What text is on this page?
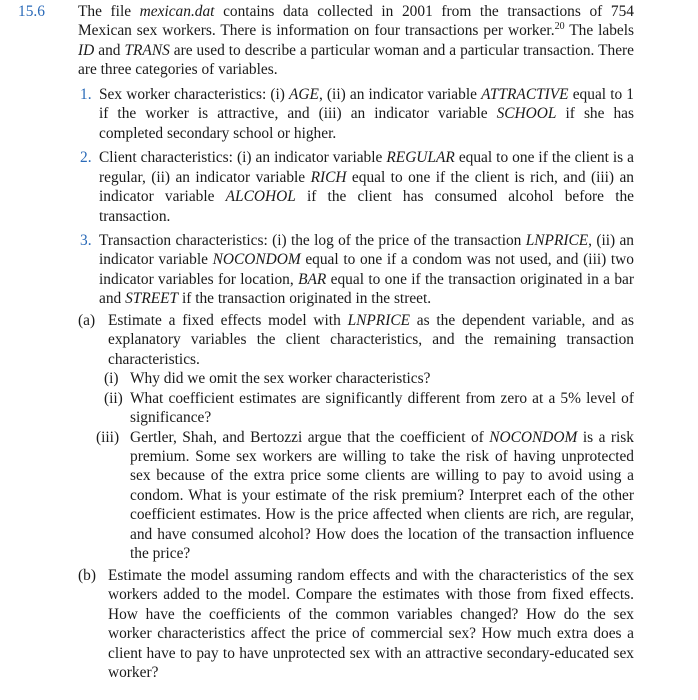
15.6 The file mexican.dat contains data collected in 2001 from the transactions of 754 Mexican sex workers. There is information on four transactions per worker.$^{20}$ The labels ID and TRANS are used to describe a particular woman and a particular transaction. There are three categories of variables.
1. Sex worker characteristics: (i) AGE, (ii) an indicator variable ATTRACTIVE equal to 1 if the worker is attractive, and (iii) an indicator variable SCHOOL if she has completed secondary school or higher.
2. Client characteristics: (i) an indicator variable REGULAR equal to one if the client is a regular, (ii) an indicator variable RICH equal to one if the client is rich, and (iii) an indicator variable ALCOHOL if the client has consumed alcohol before the transaction.
3. Transaction characteristics: (i) the log of the price of the transaction LNPRICE, (ii) an indicator variable NOCONDOM equal to one if a condom was not used, and (iii) two indicator variables for location, BAR equal to one if the transaction originated in a bar and STREET if the transaction originated in the street.
(a) Estimate a fixed effects model with LNPRICE as the dependent variable, and as explanatory variables the client characteristics, and the remaining transaction characteristics.
(i) Why did we omit the sex worker characteristics?
(ii) What coefficient estimates are significantly different from zero at a 5% level of significance?
(iii) Gertler, Shah, and Bertozzi argue that the coefficient of NOCONDOM is a risk premium. Some sex workers are willing to take the risk of having unprotected sex because of the extra price some clients are willing to pay to avoid using a condom. What is your estimate of the risk premium? Interpret each of the other coefficient estimates. How is the price affected when clients are rich, are regular, and have consumed alcohol? How does the location of the transaction influence the price?
(b) Estimate the model assuming random effects and with the characteristics of the sex workers added to the model. Compare the estimates with those from fixed effects. How have the coefficients of the common variables changed? How do the sex worker characteristics affect the price of commercial sex? How much extra does a client have to pay to have unprotected sex with an attractive secondary-educated sex worker?
